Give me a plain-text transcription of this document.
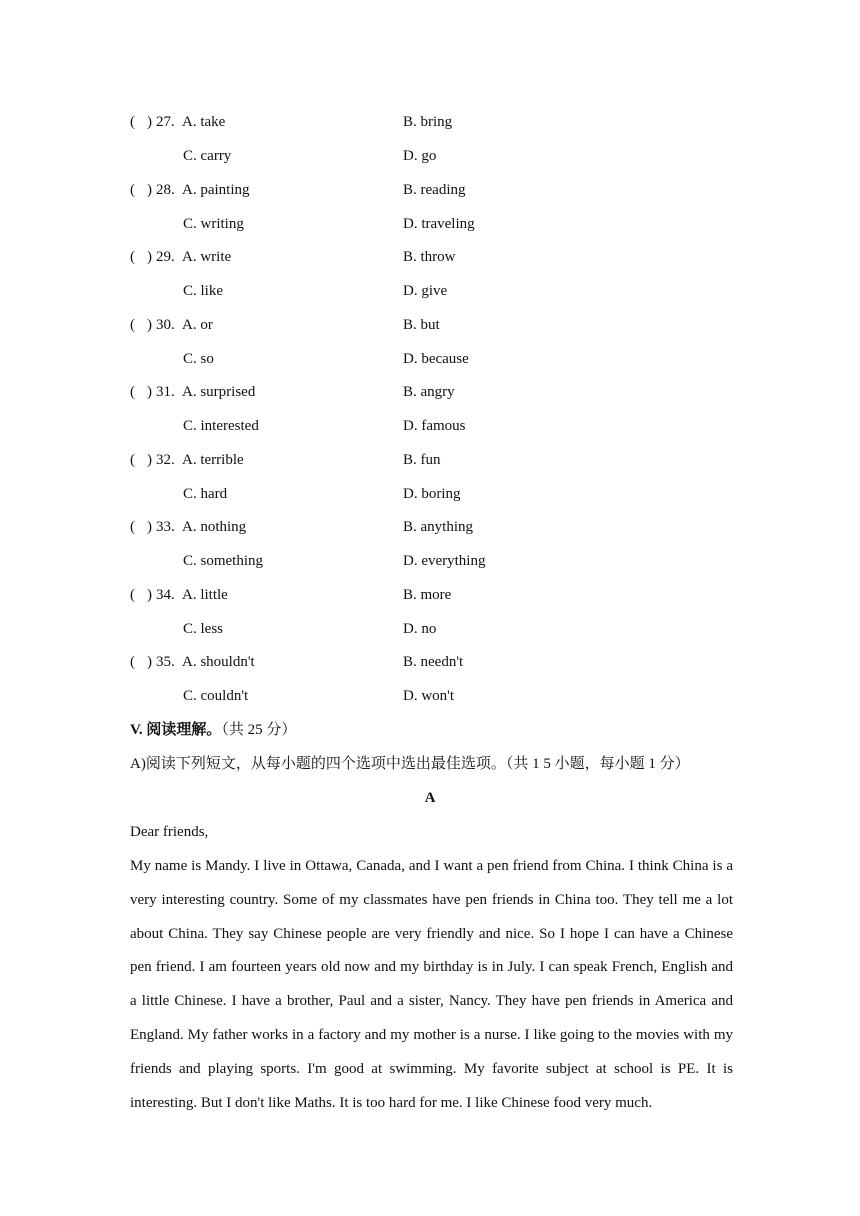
( ) 27. A. take	B. bring
C. carry	D. go
( ) 28. A. painting	B. reading
C. writing	D. traveling
( ) 29. A. write	B. throw
C. like	D. give
( ) 30. A. or	B. but
C. so	D. because
( ) 31. A. surprised	B. angry
C. interested	D. famous
( ) 32. A. terrible	B. fun
C. hard	D. boring
( ) 33. A. nothing	B. anything
C. something	D. everything
( ) 34. A. little	B. more
C. less	D. no
( ) 35. A. shouldn't	B. needn't
C. couldn't	D. won't
V. 阅读理解。（共 25 分）
A)阅读下列短文，从每小题的四个选项中选出最佳选项。（共 1 5 小题，每小题 1 分）
A
Dear friends,

My name is Mandy. I live in Ottawa, Canada, and I want a pen friend from China. I think China is a very interesting country. Some of my classmates have pen friends in China too. They tell me a lot about China. They say Chinese people are very friendly and nice. So I hope I can have a Chinese pen friend. I am fourteen years old now and my birthday is in July. I can speak French, English and a little Chinese. I have a brother, Paul and a sister, Nancy. They have pen friends in America and England. My father works in a factory and my mother is a nurse. I like going to the movies with my friends and playing sports. I'm good at swimming. My favorite subject at school is PE. It is interesting. But I don't like Maths. It is too hard for me. I like Chinese food very much.
